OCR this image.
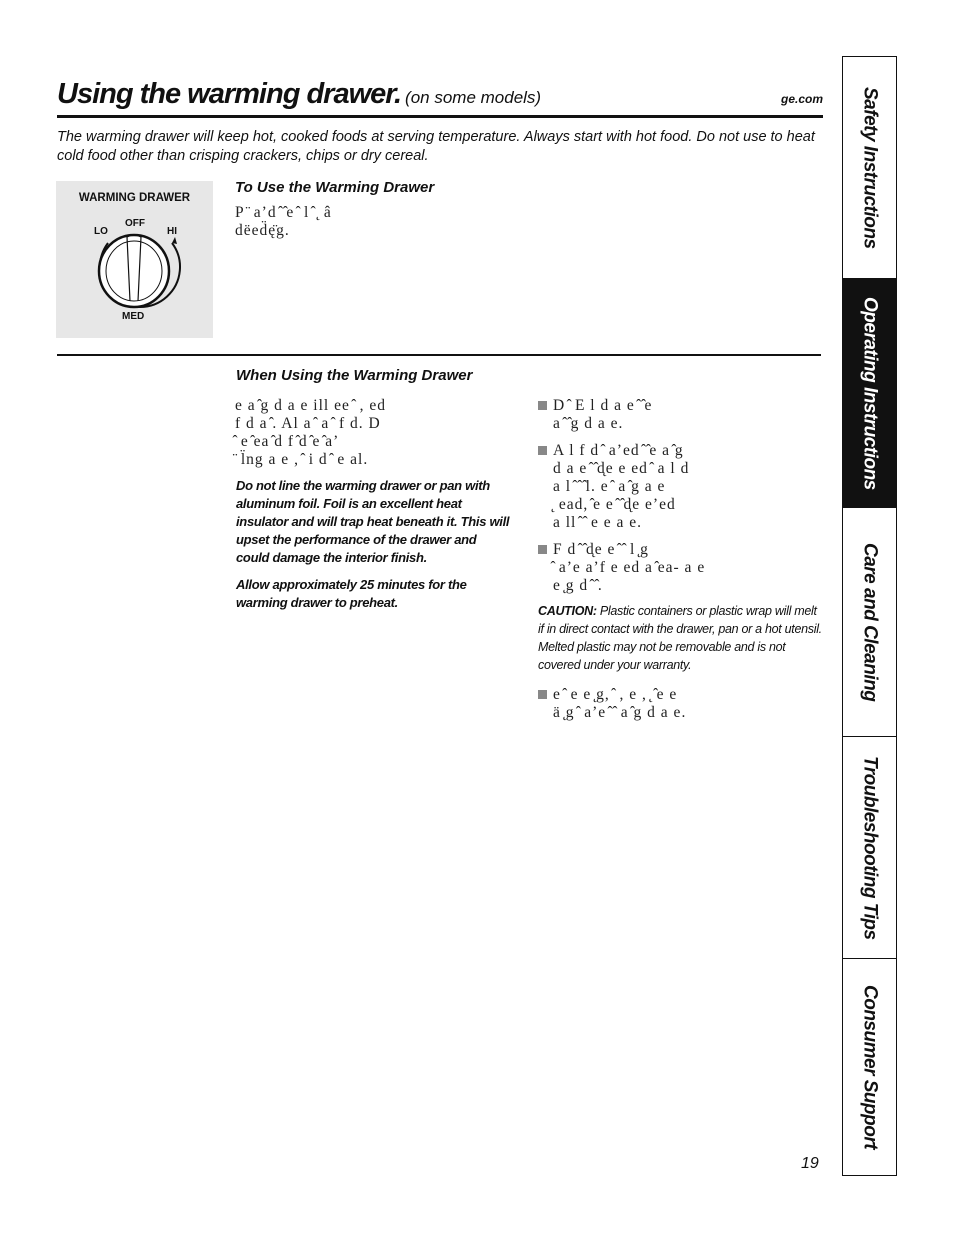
Using the warming drawer. (on some models)	ge.com
The warming drawer will keep hot, cooked foods at serving temperature. Always start with hot food. Do not use to heat cold food other than crisping crackers, chips or dry cereal.
WARMING DRAWER
LO
OFF
HI
MED
To Use the Warming Drawer
P ̈ aʼd ̂ ̂e ̂ l ̂ ̨ â
dëed̈ę̈g.
When Using the Warming Drawer
e a ̂g d a e ill ee ̂ , ed
f d a ̂. Al a ̂ a ̂ f d. D
̂ e ̂ea ̂d f ̂d ̂e ̂aʼ
̈ l̈ng a e , ̂ i d ̂ e al.
Do not line the warming drawer or pan with aluminum foil. Foil is an excellent heat insulator and will trap heat beneath it. This will upset the performance of the drawer and could damage the interior finish.
Allow approximately 25 minutes for the warming drawer to preheat.
D ̂ E l d a e ̂ ̂e
a ̂ ̂g d a e.
A l f d ̂ aʼed ̂ ̂e a ̂g
d a e ̂ ̂d̨e e ed ̂ a l d
a l ̂ ̂ ̂l. e ̂ a ̂g a e
̨ ead, ̂e e ̂ ̂d̨e eʼed
a ll ̂ ̂ e e a e.
F d ̂ ̂d̨e e ̂ ̂ l ̨g
̂ aʼe aʼf e ed a ̂ea- a e
e ̨g d ̂ ̂.
CAUTION: Plastic containers or plastic wrap will melt if in direct contact with the drawer, pan or a hot utensil. Melted plastic may not be removable and is not covered under your warranty.
e ̂ e e ̨g, ̂ , e , ̨ ̂e e
ä ̨g ̂ aʼe ̂ ̂ a ̂g d a e.
19
Safety Instructions
Operating Instructions
Care and Cleaning
Troubleshooting Tips
Consumer Support
